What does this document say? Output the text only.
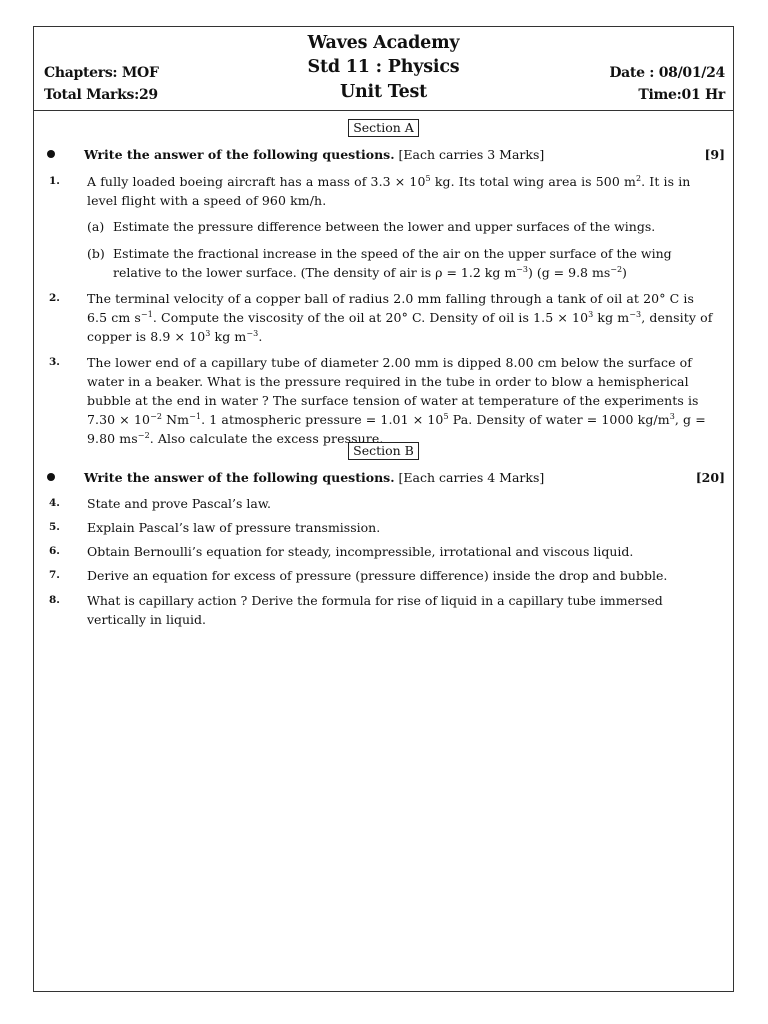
Waves Academy
Std 11 : Physics
Unit Test
Chapters: MOF
Total Marks:29
Date : 08/01/24
Time:01 Hr
Section A
Write the answer of the following questions. [Each carries 3 Marks]	[9]
1. A fully loaded boeing aircraft has a mass of $3.3 \times 10^5$ kg. Its total wing area is 500 $m^2$. It is in level flight with a speed of 960 km/h.
(a) Estimate the pressure difference between the lower and upper surfaces of the wings.
(b) Estimate the fractional increase in the speed of the air on the upper surface of the wing relative to the lower surface. (The density of air is ρ = 1.2 kg $m^{-3}$) (g = 9.8 $ms^{-2}$)
2. The terminal velocity of a copper ball of radius 2.0 mm falling through a tank of oil at 20° C is 6.5 cm $s^{-1}$. Compute the viscosity of the oil at 20° C. Density of oil is $1.5 \times 10^3$ kg $m^{-3}$, density of copper is $8.9 \times 10^3$ kg $m^{-3}$.
3. The lower end of a capillary tube of diameter 2.00 mm is dipped 8.00 cm below the surface of water in a beaker. What is the pressure required in the tube in order to blow a hemispherical bubble at the end in water ? The surface tension of water at temperature of the experiments is $7.30 \times 10^{-2}$ $Nm^{-1}$. 1 atmospheric pressure = $1.01 \times 10^5$ Pa. Density of water = 1000 $kg/m^3$, g = 9.80 $ms^{-2}$. Also calculate the excess pressure.
Section B
Write the answer of the following questions. [Each carries 4 Marks]	[20]
4. State and prove Pascal’s law.
5. Explain Pascal’s law of pressure transmission.
6. Obtain Bernoulli’s equation for steady, incompressible, irrotational and viscous liquid.
7. Derive an equation for excess of pressure (pressure difference) inside the drop and bubble.
8. What is capillary action ? Derive the formula for rise of liquid in a capillary tube immersed vertically in liquid.
